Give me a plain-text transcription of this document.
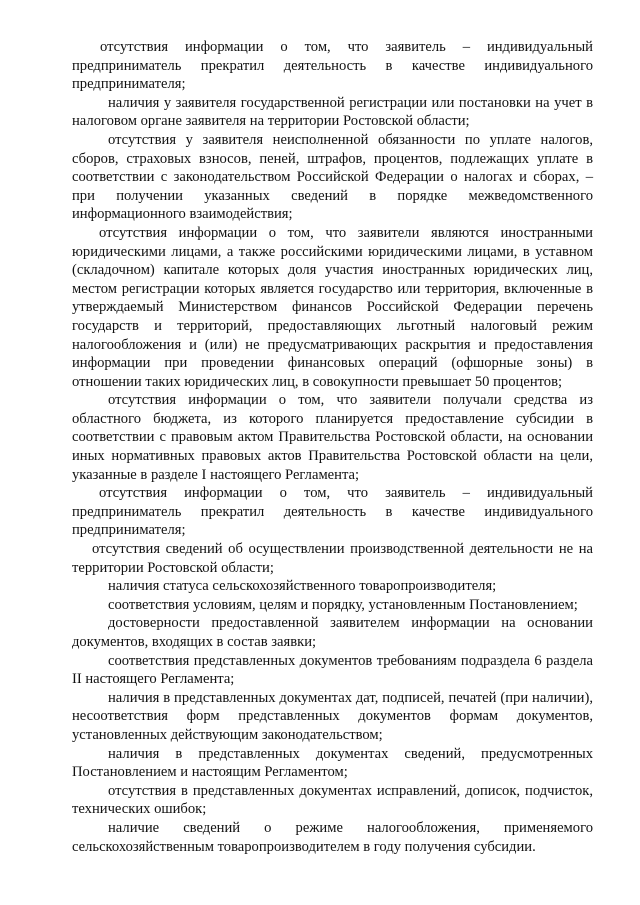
отсутствия информации о том, что заявитель – индивидуальный предприниматель прекратил деятельность в качестве индивидуального предпринимателя;

наличия у заявителя государственной регистрации или постановки на учет в налоговом органе заявителя на территории Ростовской области;

отсутствия у заявителя неисполненной обязанности по уплате налогов, сборов, страховых взносов, пеней, штрафов, процентов, подлежащих уплате в соответствии с законодательством Российской Федерации о налогах и сборах, – при получении указанных сведений в порядке межведомственного информационного взаимодействия;

отсутствия информации о том, что заявители являются иностранными юридическими лицами, а также российскими юридическими лицами, в уставном (складочном) капитале которых доля участия иностранных юридических лиц, местом регистрации которых является государство или территория, включенные в утверждаемый Министерством финансов Российской Федерации перечень государств и территорий, предоставляющих льготный налоговый режим налогообложения и (или) не предусматривающих раскрытия и предоставления информации при проведении финансовых операций (офшорные зоны) в отношении таких юридических лиц, в совокупности превышает 50 процентов;

отсутствия информации о том, что заявители получали средства из областного бюджета, из которого планируется предоставление субсидии в соответствии с правовым актом Правительства Ростовской области, на основании иных нормативных правовых актов Правительства Ростовской области на цели, указанные в разделе I настоящего Регламента;

отсутствия информации о том, что заявитель – индивидуальный предприниматель прекратил деятельность в качестве индивидуального предпринимателя;

отсутствия сведений об осуществлении производственной деятельности не на территории Ростовской области;

наличия статуса сельскохозяйственного товаропроизводителя;

соответствия условиям, целям и порядку, установленным Постановлением;

достоверности предоставленной заявителем информации на основании документов, входящих в состав заявки;

соответствия представленных документов требованиям подраздела 6 раздела II настоящего Регламента;

наличия в представленных документах дат, подписей, печатей (при наличии), несоответствия форм представленных документов формам документов, установленных действующим законодательством;

наличия в представленных документах сведений, предусмотренных Постановлением и настоящим Регламентом;

отсутствия в представленных документах исправлений, дописок, подчисток, технических ошибок;

наличие сведений о режиме налогообложения, применяемого сельскохозяйственным товаропроизводителем в году получения субсидии.
